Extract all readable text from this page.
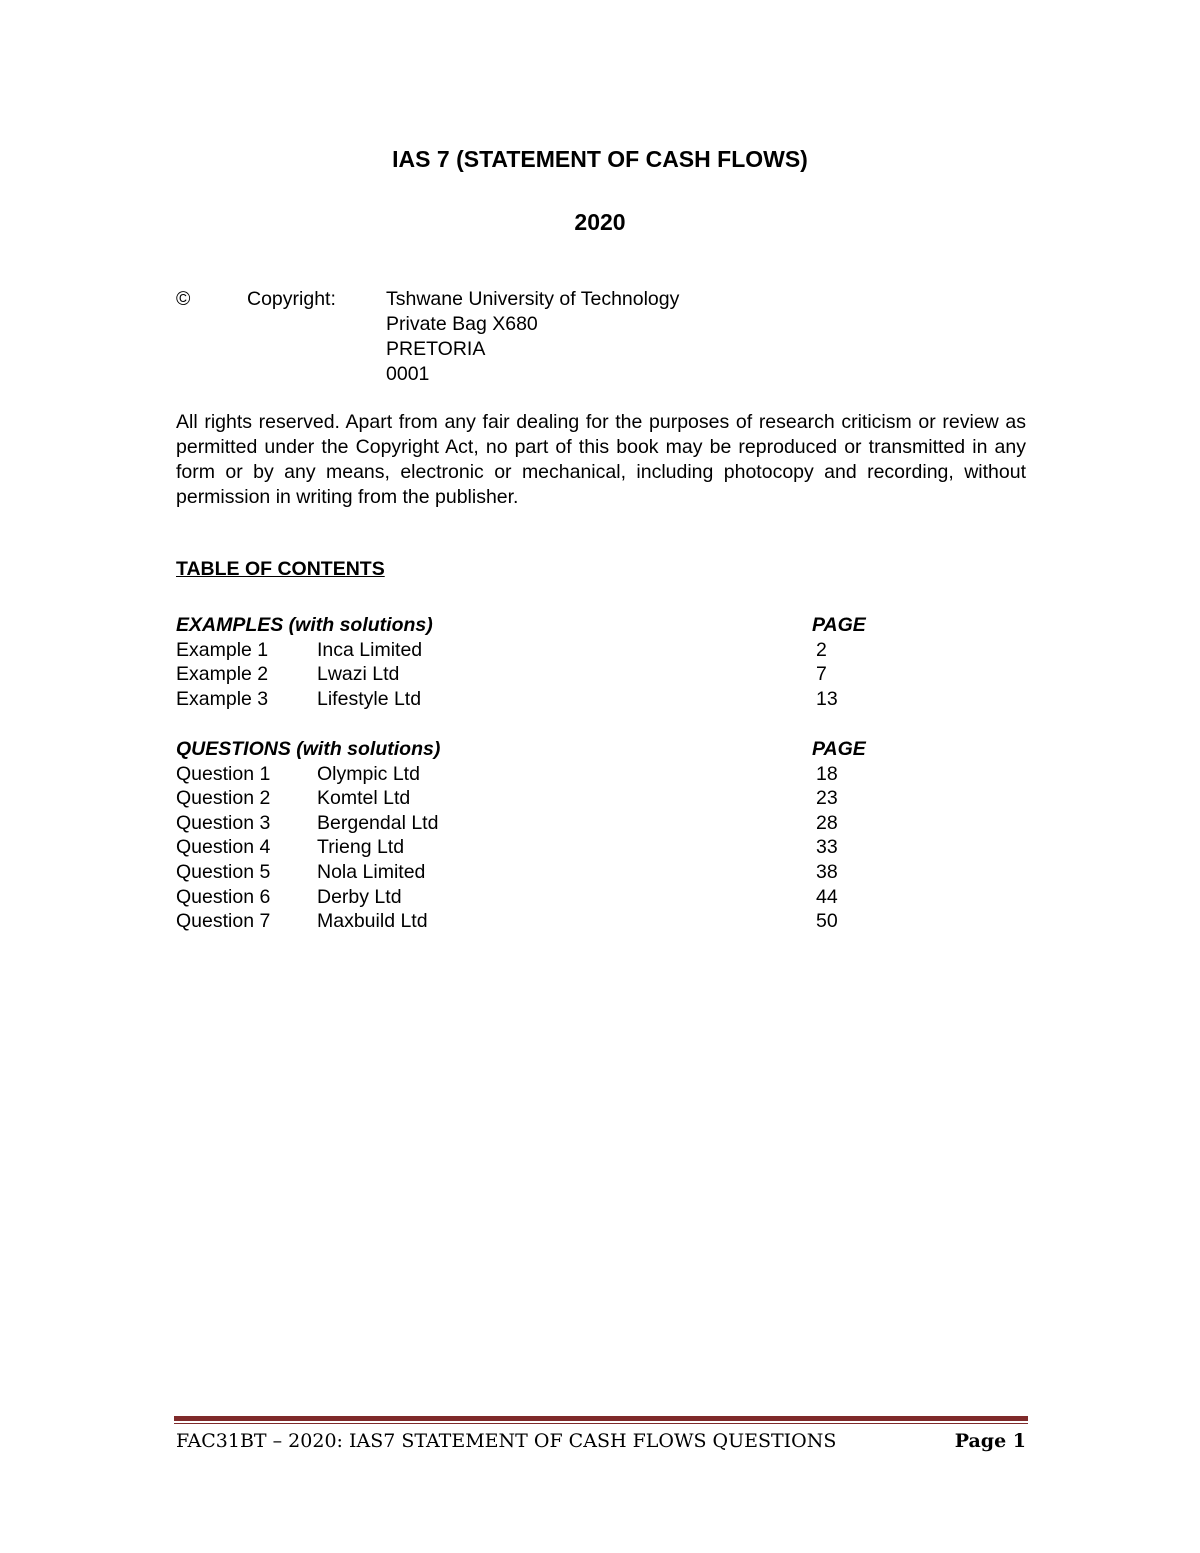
IAS 7 (STATEMENT OF CASH FLOWS)
2020
©	Copyright:	Tshwane University of Technology
Private Bag X680
PRETORIA
0001
All rights reserved. Apart from any fair dealing for the purposes of research criticism or review as permitted under the Copyright Act, no part of this book may be reproduced or transmitted in any form or by any means, electronic or mechanical, including photocopy and recording, without permission in writing from the publisher.
TABLE OF CONTENTS
EXAMPLES (with solutions)	PAGE
Example 1	Inca Limited	2
Example 2	Lwazi Ltd	7
Example 3	Lifestyle Ltd	13
QUESTIONS (with solutions)	PAGE
Question 1 Olympic Ltd	18
Question 2 Komtel Ltd	23
Question 3 Bergendal Ltd	28
Question 4 Trieng Ltd	33
Question 5 Nola Limited	38
Question 6 Derby Ltd	44
Question 7 Maxbuild Ltd	50
FAC31BT – 2020: IAS7 STATEMENT OF CASH FLOWS QUESTIONS	Page 1
